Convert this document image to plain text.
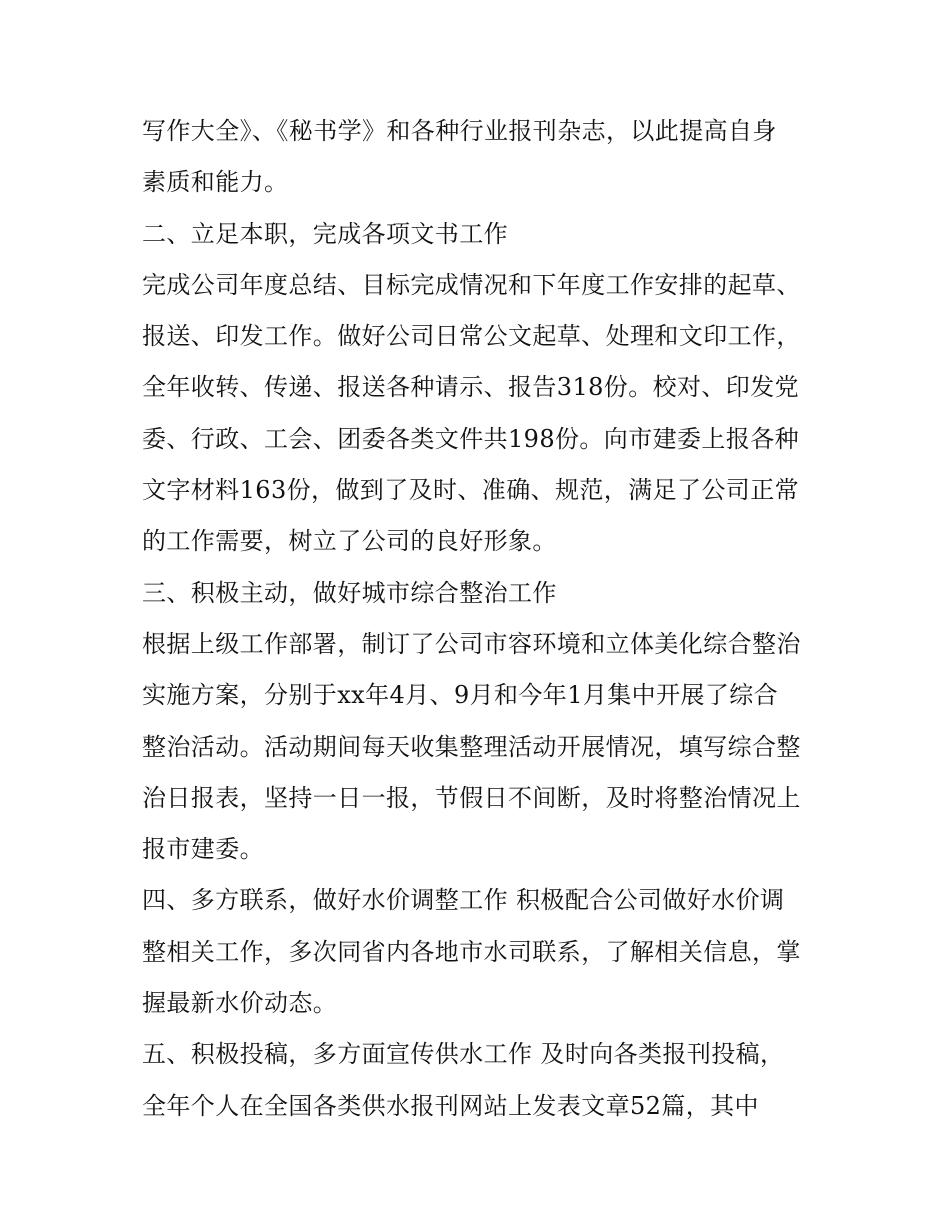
写作大全》、《秘书学》和各种行业报刊杂志，以此提高自身
素质和能力。
二、立足本职，完成各项文书工作
完成公司年度总结、目标完成情况和下年度工作安排的起草、
报送、印发工作。做好公司日常公文起草、处理和文印工作，
全年收转、传递、报送各种请示、报告318份。校对、印发党
委、行政、工会、团委各类文件共198份。向市建委上报各种
文字材料163份，做到了及时、准确、规范，满足了公司正常
的工作需要，树立了公司的良好形象。
三、积极主动，做好城市综合整治工作
根据上级工作部署，制订了公司市容环境和立体美化综合整治
实施方案，分别于xx年4月、9月和今年1月集中开展了综合
整治活动。活动期间每天收集整理活动开展情况，填写综合整
治日报表，坚持一日一报，节假日不间断，及时将整治情况上
报市建委。
四、多方联系，做好水价调整工作 积极配合公司做好水价调
整相关工作，多次同省内各地市水司联系，了解相关信息，掌
握最新水价动态。
五、积极投稿，多方面宣传供水工作 及时向各类报刊投稿，
全年个人在全国各类供水报刊网站上发表文章52篇，其中
